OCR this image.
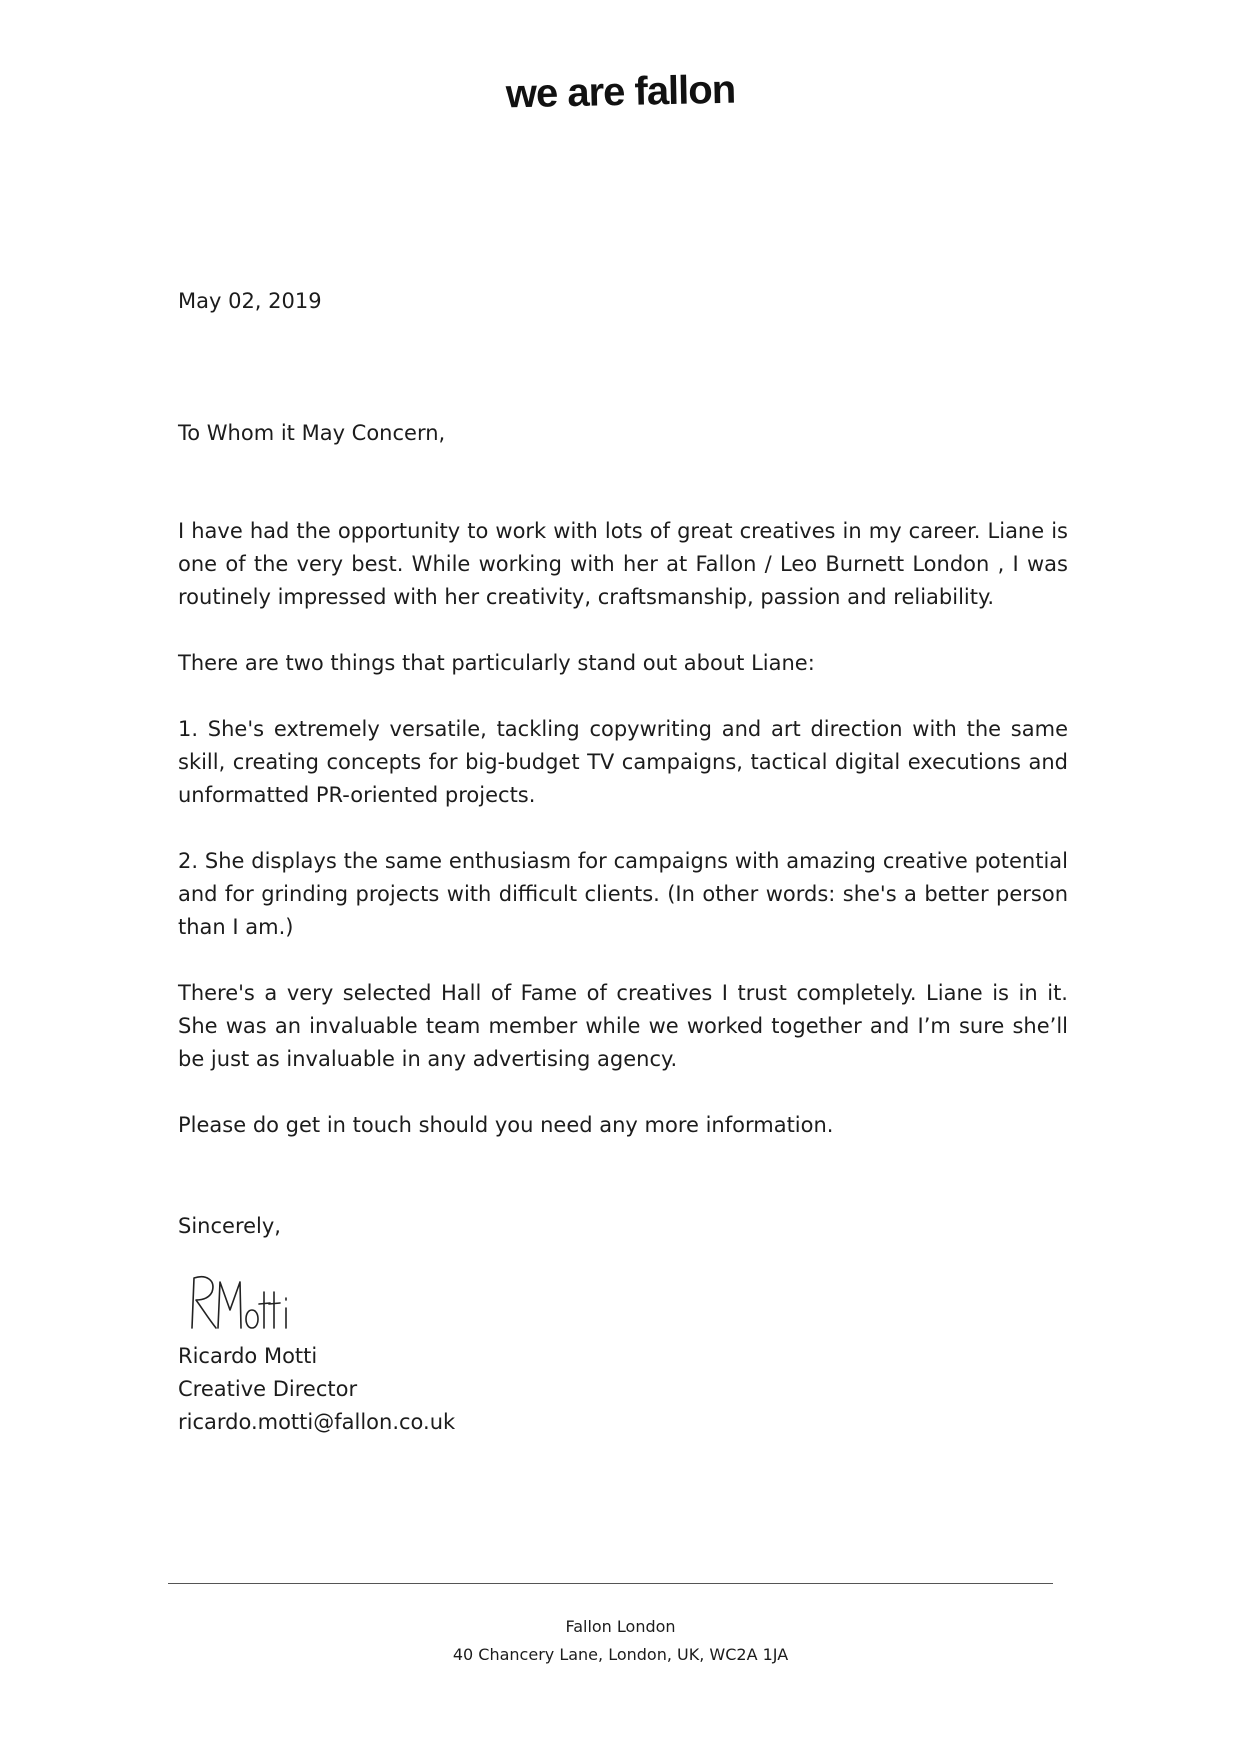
we are fallon

May 02, 2019

To Whom it May Concern,

I have had the opportunity to work with lots of great creatives in my career. Liane is one of the very best. While working with her at Fallon / Leo Burnett London , I was routinely impressed with her creativity, craftsmanship, passion and reliability.

There are two things that particularly stand out about Liane:

1. She's extremely versatile, tackling copywriting and art direction with the same skill, creating concepts for big-budget TV campaigns, tactical digital executions and unformatted PR-oriented projects.

2. She displays the same enthusiasm for campaigns with amazing creative potential and for grinding projects with difficult clients. (In other words: she's a better person than I am.)

There's a very selected Hall of Fame of creatives I trust completely. Liane is in it. She was an invaluable team member while we worked together and I’m sure she’ll be just as invaluable in any advertising agency.

Please do get in touch should you need any more information.

Sincerely,

Ricardo Motti

Creative Director

ricardo.motti@fallon.co.uk

Fallon London
40 Chancery Lane, London, UK, WC2A 1JA
